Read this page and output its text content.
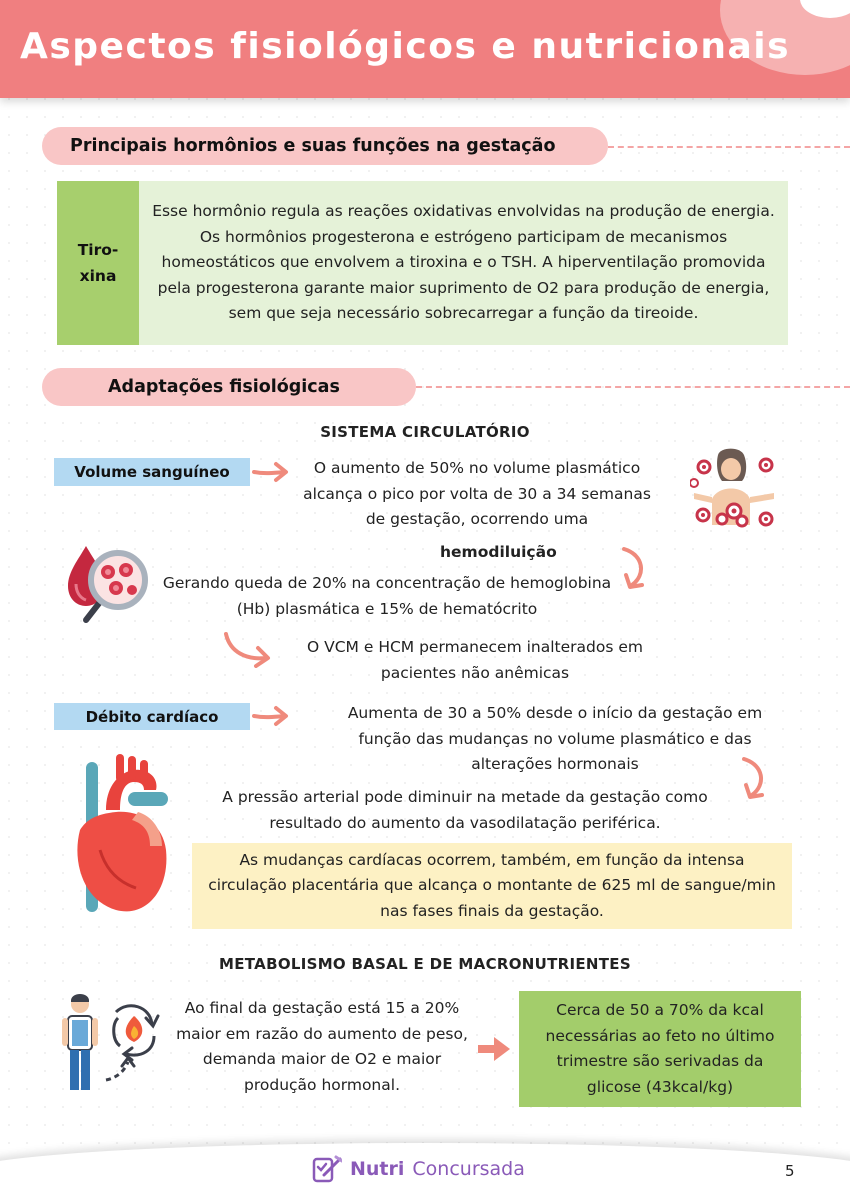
Aspectos fisiológicos e nutricionais
Principais hormônios e suas funções na gestação
Tiro-
xina
Esse hormônio regula as reações oxidativas envolvidas na produção de energia. Os hormônios progesterona e estrógeno participam de mecanismos homeostáticos que envolvem a tiroxina e o TSH. A hiperventilação promovida pela progesterona garante maior suprimento de O2 para produção de energia, sem que seja necessário sobrecarregar a função da tireoide.
Adaptações fisiológicas
SISTEMA CIRCULATÓRIO
Volume sanguíneo	O aumento de 50% no volume plasmático alcança o pico por volta de 30 a 34 semanas de gestação, ocorrendo uma
hemodiluição
Gerando queda de 20% na concentração de hemoglobina (Hb) plasmática e 15% de hematócrito
O VCM e HCM permanecem inalterados em pacientes não anêmicas
Débito cardíaco	Aumenta de 30 a 50% desde o início da gestação em função das mudanças no volume plasmático e das alterações hormonais
A pressão arterial pode diminuir na metade da gestação como resultado do aumento da vasodilatação periférica.
As mudanças cardíacas ocorrem, também, em função da intensa circulação placentária que alcança o montante de 625 ml de sangue/min nas fases finais da gestação.
METABOLISMO BASAL E DE MACRONUTRIENTES
Ao final da gestação está 15 a 20% maior em razão do aumento de peso, demanda maior de O2 e maior produção hormonal.
Cerca de 50 a 70% da kcal necessárias ao feto no último trimestre são serivadas da glicose (43kcal/kg)
Nutri Concursada	5
